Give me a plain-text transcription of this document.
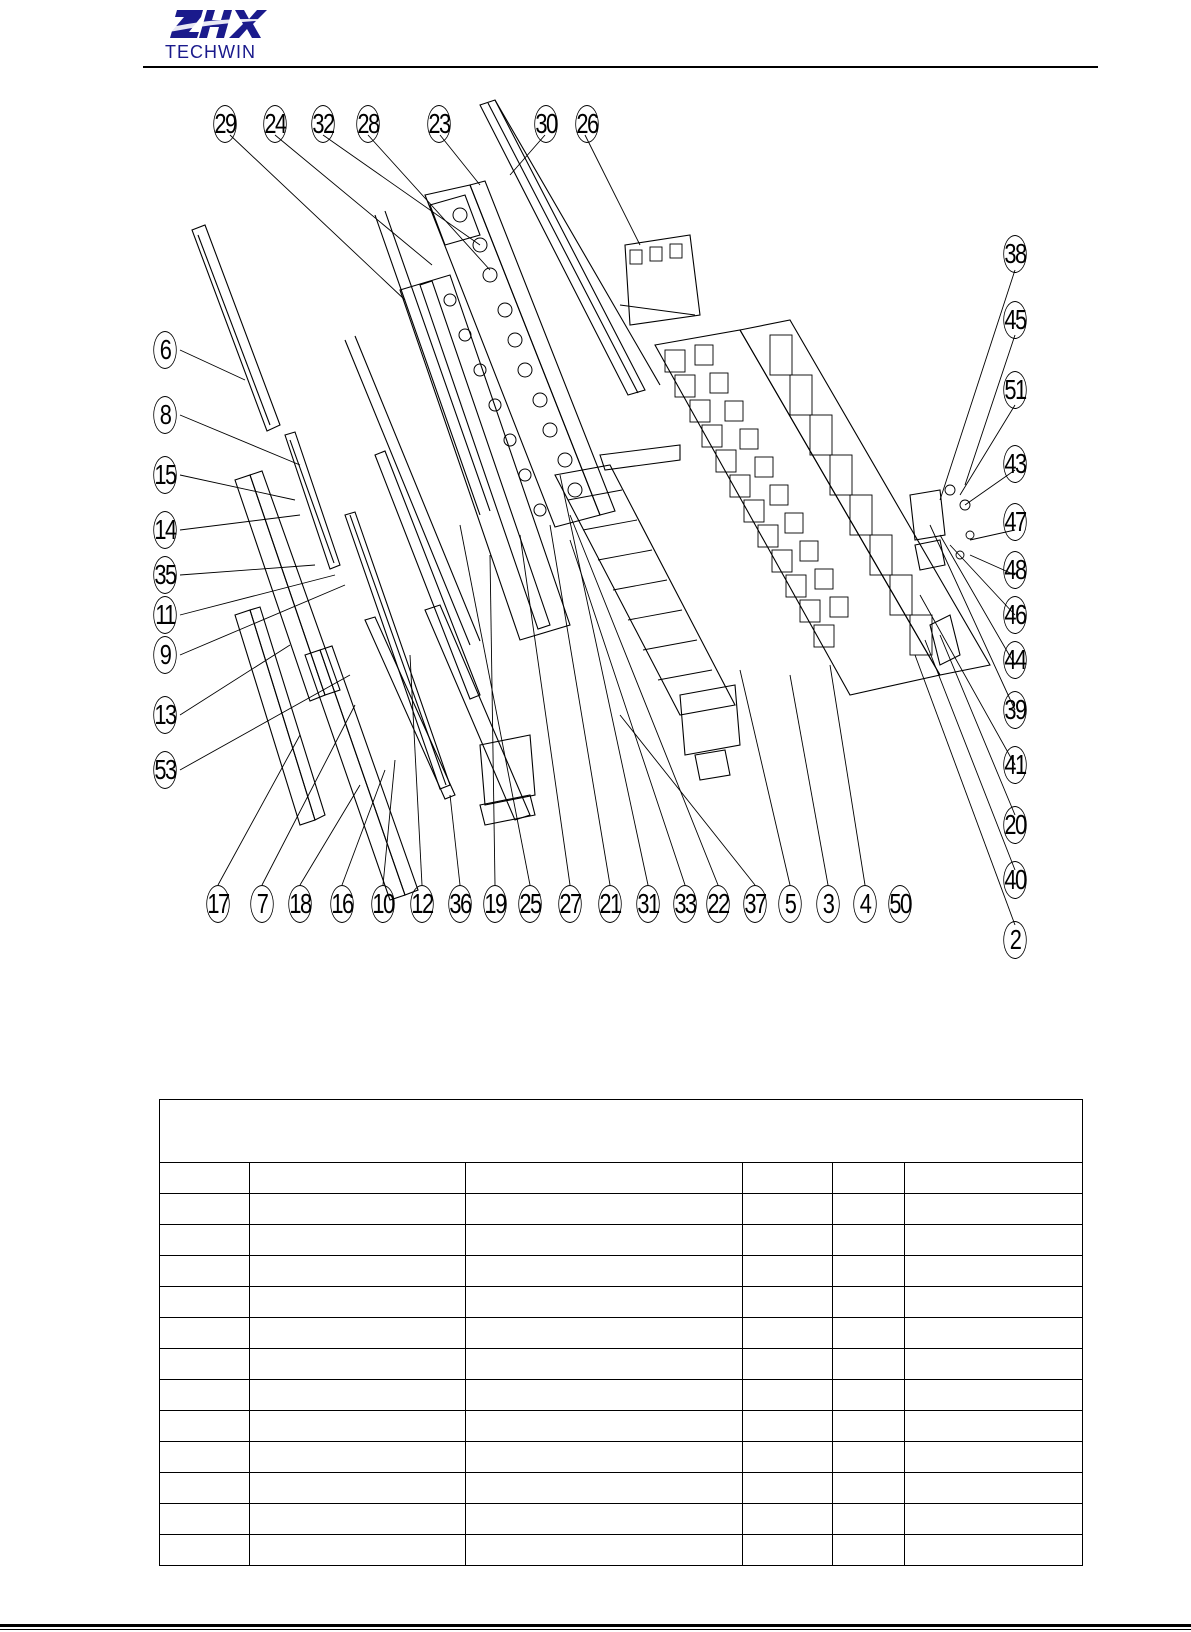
TECHWIN
29 24 32 28 23	30 26
6
8
15
14
35
11
9
13
53
17 7 18 16 10 12 36 19 25 27 21 31 33 22 37 5 3 4 50
38
45
51
43
47
48
46
44
39
41
20
40
2
